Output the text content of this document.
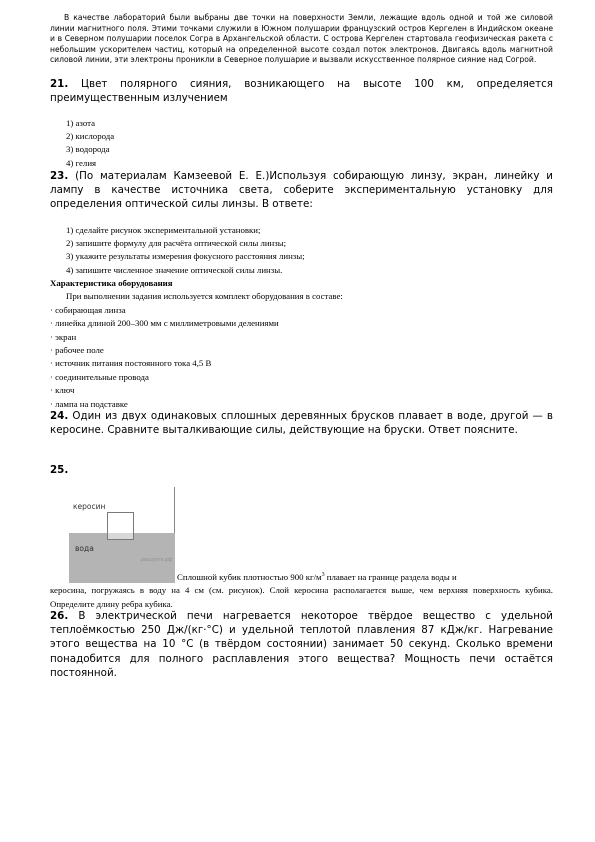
В качестве лабораторий были выбраны две точки на поверхности Земли, лежащие вдоль одной и той же силовой линии магнитного поля. Этими точками служили в Южном полушарии французский остров Кергелен в Индийском океане и в Северном полушарии поселок Согра в Архангельской области. С острова Кергелен стартовала геофизическая ракета с небольшим ускорителем частиц, который на определенной высоте создал поток электронов. Двигаясь вдоль магнитной силовой линии, эти электроны проникли в Северное полушарие и вызвали искусственное полярное сияние над Согрой.

21. Цвет полярного сияния, возникающего на высоте 100 км, определяется преимущественным излучением
1) азота
2) кислорода
3) водорода
4) гелия
23. (По материалам Камзеевой Е. Е.)Используя собирающую линзу, экран, линейку и лампу в качестве источника света, соберите экспериментальную установку для определения оптической силы линзы. В ответе:
1) сделайте рисунок экспериментальной установки;
2) запишите формулу для расчёта оптической силы линзы;
3) укажите результаты измерения фокусного расстояния линзы;
4) запишите численное значение оптической силы линзы.
Характеристика оборудования
При выполнении задания используется комплект оборудования в составе:
· собирающая линза
· линейка длиной 200–300 мм с миллиметровыми делениями
· экран
· рабочее поле
· источник питания постоянного тока 4,5 В
· соединительные провода
· ключ
· лампа на подставке
24. Один из двух одинаковых сплошных деревянных брусков плавает в воде, другой — в керосине. Сравните выталкивающие силы, действующие на бруски. Ответ поясните.
25.
керосин
вода
решуогэ.рф
Сплошной кубик плотностью 900 $кг/м^3$ плавает на границе раздела воды и
керосина, погружаясь в воду на 4 см (см. рисунок). Слой керосина располагается выше, чем верхняя поверхность кубика. Определите длину ребра кубика.
26. В электрической печи нагревается некоторое твёрдое вещество с удельной теплоёмкостью 250 Дж/(кг·°С) и удельной теплотой плавления 87 кДж/кг. Нагревание этого вещества на 10 °С (в твёрдом состоянии) занимает 50 секунд. Сколько времени понадобится для полного расплавления этого вещества? Мощность печи остаётся постоянной.
